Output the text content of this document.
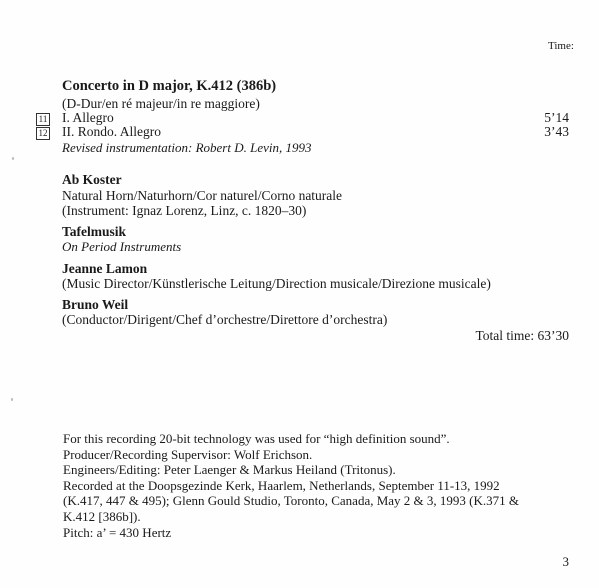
Time:
Concerto in D major, K.412 (386b)
(D-Dur/en ré majeur/in re maggiore)
11 I. Allegro	5’14
12 II. Rondo. Allegro	3’43
Revised instrumentation: Robert D. Levin, 1993
Ab Koster
Natural Horn/Naturhorn/Cor naturel/Corno naturale
(Instrument: Ignaz Lorenz, Linz, c. 1820–30)
Tafelmusik
On Period Instruments
Jeanne Lamon
(Music Director/Künstlerische Leitung/Direction musicale/Direzione musicale)
Bruno Weil
(Conductor/Dirigent/Chef d’orchestre/Direttore d’orchestra)
Total time: 63’30
For this recording 20-bit technology was used for “high definition sound”.
Producer/Recording Supervisor: Wolf Erichson.
Engineers/Editing: Peter Laenger & Markus Heiland (Tritonus).
Recorded at the Doopsgezinde Kerk, Haarlem, Netherlands, September 11-13, 1992
(K.417, 447 & 495); Glenn Gould Studio, Toronto, Canada, May 2 & 3, 1993 (K.371 &
K.412 [386b]).
Pitch: a’ = 430 Hertz
3
